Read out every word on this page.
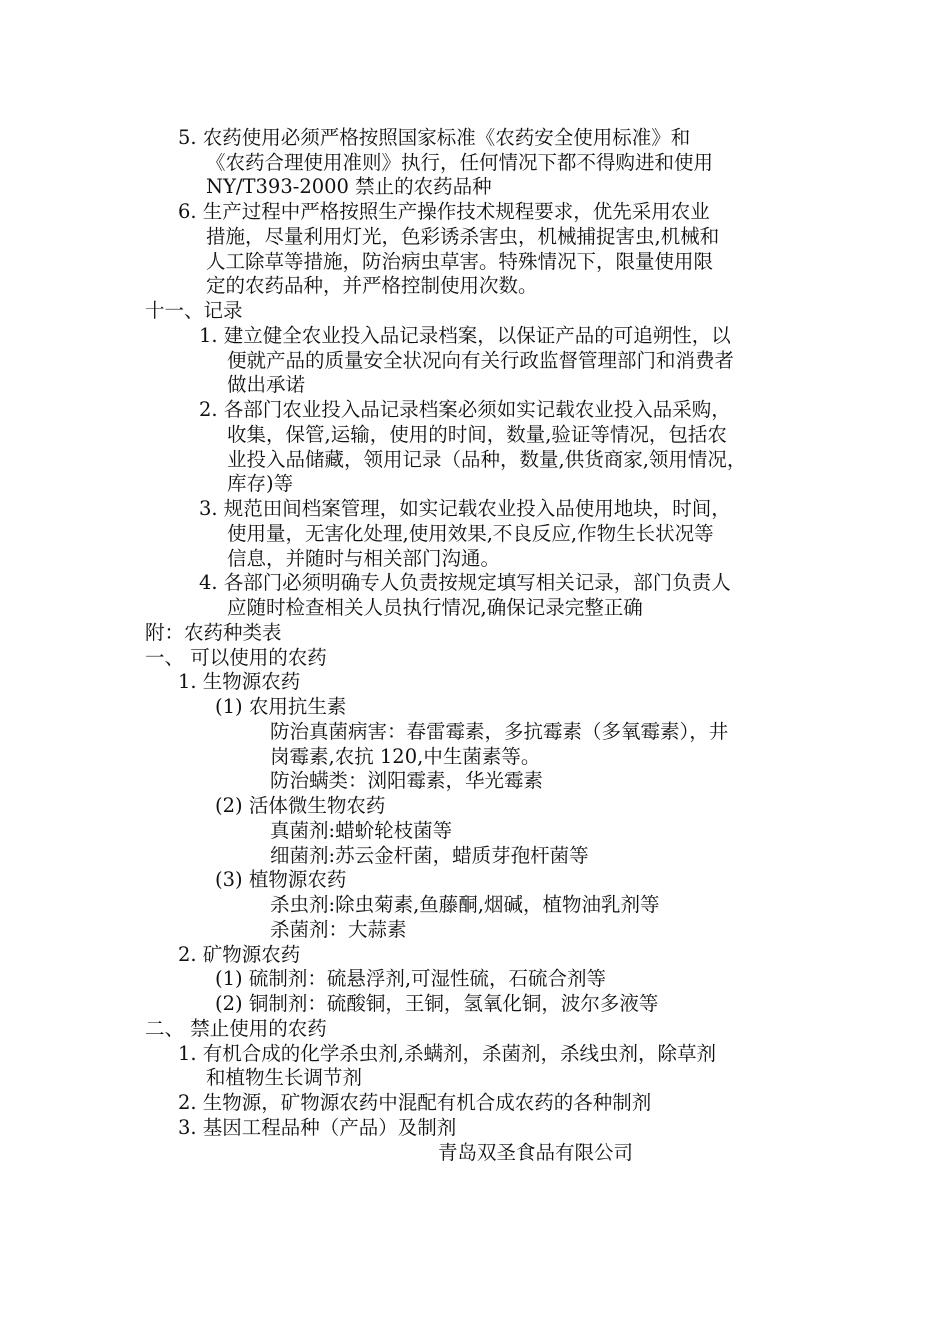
5. 农药使用必须严格按照国家标准《农药安全使用标准》和
《农药合理使用准则》执行，任何情况下都不得购进和使用
NY/T393-2000 禁止的农药品种
6. 生产过程中严格按照生产操作技术规程要求，优先采用农业
措施，尽量利用灯光，色彩诱杀害虫，机械捕捉害虫,机械和
人工除草等措施，防治病虫草害。特殊情况下，限量使用限
定的农药品种，并严格控制使用次数。
十一、记录
1. 建立健全农业投入品记录档案，以保证产品的可追朔性，以
便就产品的质量安全状况向有关行政监督管理部门和消费者
做出承诺
2. 各部门农业投入品记录档案必须如实记载农业投入品采购，
收集，保管,运输，使用的时间，数量,验证等情况，包括农
业投入品储藏，领用记录（品种，数量,供货商家,领用情况，
库存)等
3. 规范田间档案管理，如实记载农业投入品使用地块，时间，
使用量，无害化处理,使用效果,不良反应,作物生长状况等
信息，并随时与相关部门沟通。
4. 各部门必须明确专人负责按规定填写相关记录，部门负责人
应随时检查相关人员执行情况,确保记录完整正确
附：农药种类表
一、 可以使用的农药
1. 生物源农药
(1) 农用抗生素
防治真菌病害：春雷霉素，多抗霉素（多氧霉素），井
岗霉素,农抗 120,中生菌素等。
防治螨类：浏阳霉素，华光霉素
(2) 活体微生物农药
真菌剂:蜡蚧轮枝菌等
细菌剂:苏云金杆菌，蜡质芽孢杆菌等
(3) 植物源农药
杀虫剂:除虫菊素,鱼藤酮,烟碱，植物油乳剂等
杀菌剂：大蒜素
2. 矿物源农药
(1) 硫制剂：硫悬浮剂,可湿性硫，石硫合剂等
(2) 铜制剂：硫酸铜，王铜，氢氧化铜，波尔多液等
二、 禁止使用的农药
1. 有机合成的化学杀虫剂,杀螨剂，杀菌剂，杀线虫剂，除草剂
和植物生长调节剂
2. 生物源，矿物源农药中混配有机合成农药的各种制剂
3. 基因工程品种（产品）及制剂
青岛双圣食品有限公司
